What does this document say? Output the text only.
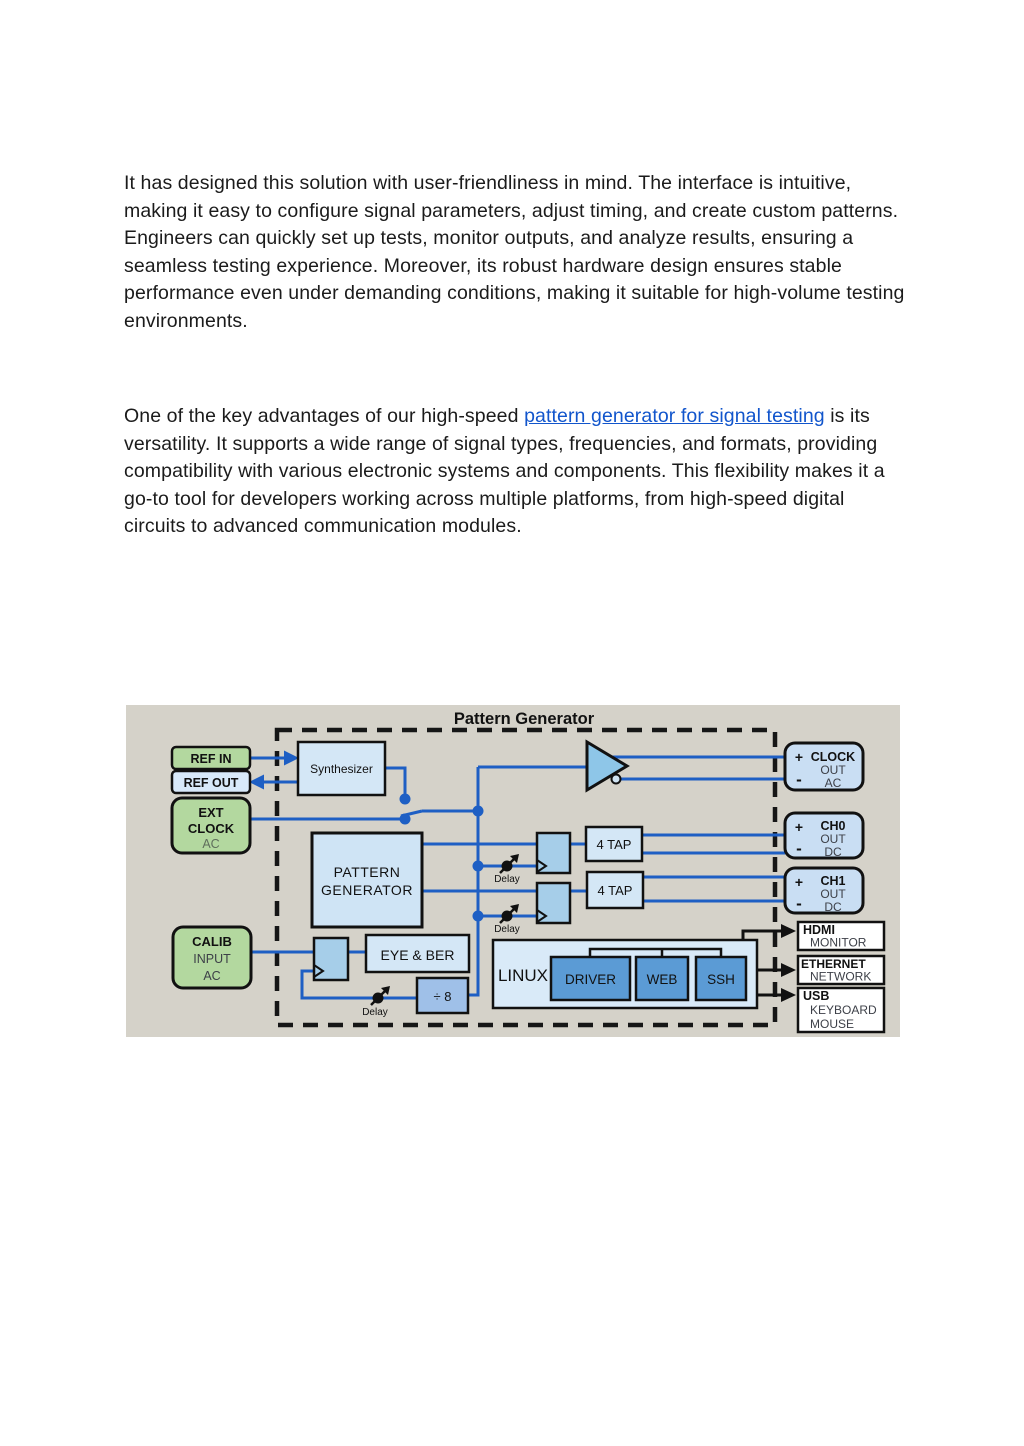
It has designed this solution with user-friendliness in mind. The interface is intuitive, making it easy to configure signal parameters, adjust timing, and create custom patterns. Engineers can quickly set up tests, monitor outputs, and analyze results, ensuring a seamless testing experience. Moreover, its robust hardware design ensures stable performance even under demanding conditions, making it suitable for high-volume testing environments.

One of the key advantages of our high-speed pattern generator for signal testing is its versatility. It supports a wide range of signal types, frequencies, and formats, providing compatibility with various electronic systems and components. This flexibility makes it a go-to tool for developers working across multiple platforms, from high-speed digital circuits to advanced communication modules.

Pattern Generator
REF IN
REF OUT
EXT
CLOCK
AC
CALIB
INPUT
AC
Synthesizer
PATTERN
GENERATOR
4 TAP
4 TAP
EYE & BER
÷ 8
Delay
Delay
Delay
LINUX DRIVER WEB SSH
+
-
CLOCK
OUT
AC
+
-
CH0
OUT
DC
+
-
CH1
OUT
DC
HDMI
MONITOR
ETHERNET
NETWORK
USB
KEYBOARD
MOUSE
